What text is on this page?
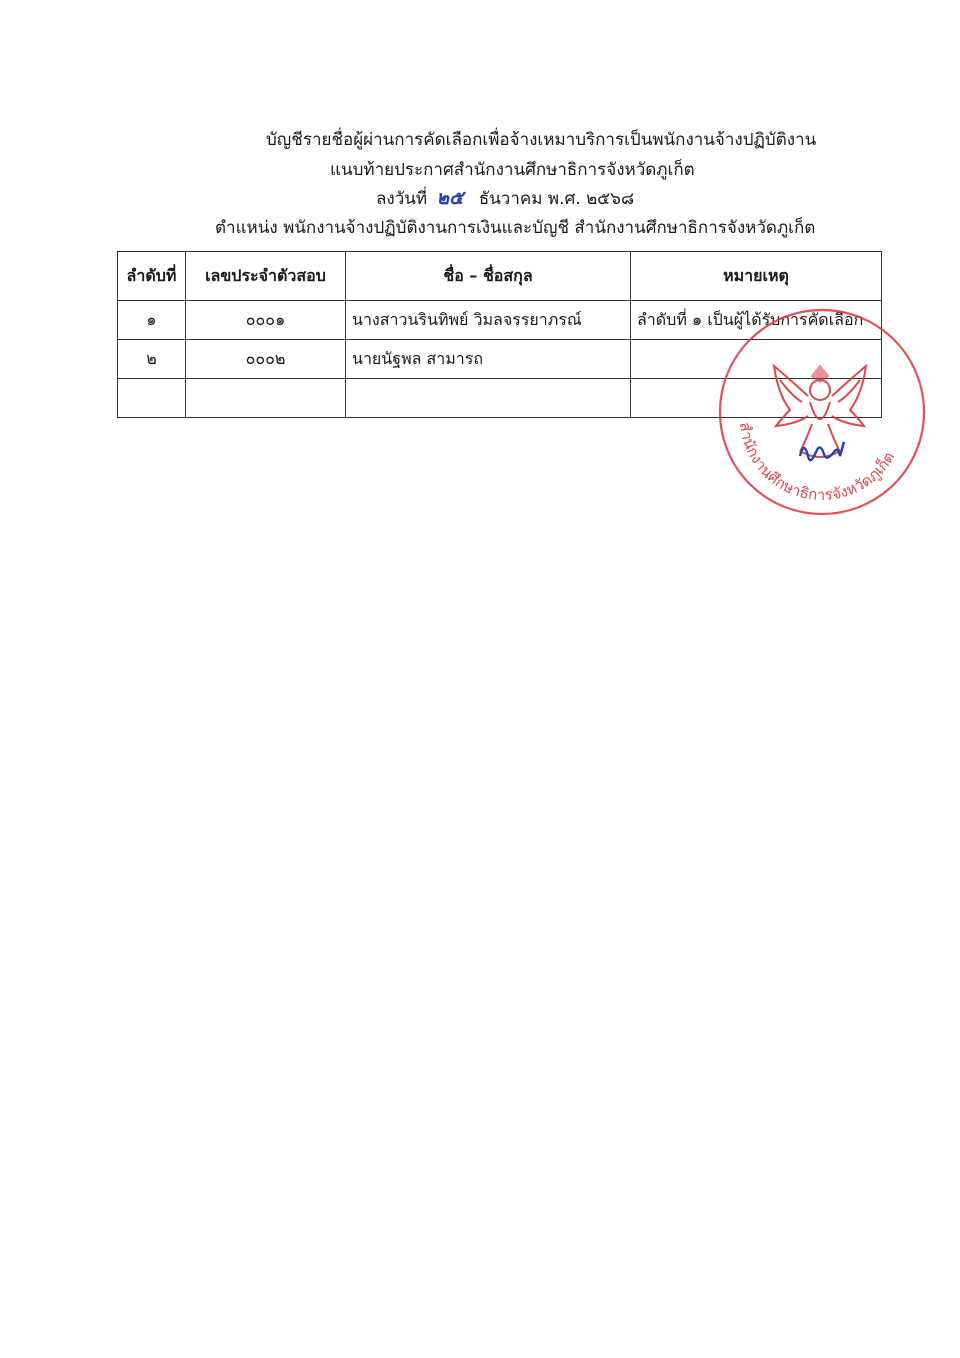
บัญชีรายชื่อผู้ผ่านการคัดเลือกเพื่อจ้างเหมาบริการเป็นพนักงานจ้างปฏิบัติงาน
แนบท้ายประกาศสำนักงานศึกษาธิการจังหวัดภูเก็ต
ลงวันที่ ๒๕ ธันวาคม พ.ศ. ๒๕๖๘
ตำแหน่ง พนักงานจ้างปฏิบัติงานการเงินและบัญชี สำนักงานศึกษาธิการจังหวัดภูเก็ต
ลำดับที่	เลขประจำตัวสอบ	ชื่อ – ชื่อสกุล	หมายเหตุ
๑	๐๐๐๑	นางสาวนรินทิพย์ วิมลจรรยาภรณ์	ลำดับที่ ๑ เป็นผู้ได้รับการคัดเลือก
๒	๐๐๐๒	นายนัฐพล สามารถ	

สำนักงานศึกษาธิการจังหวัดภูเก็ต
